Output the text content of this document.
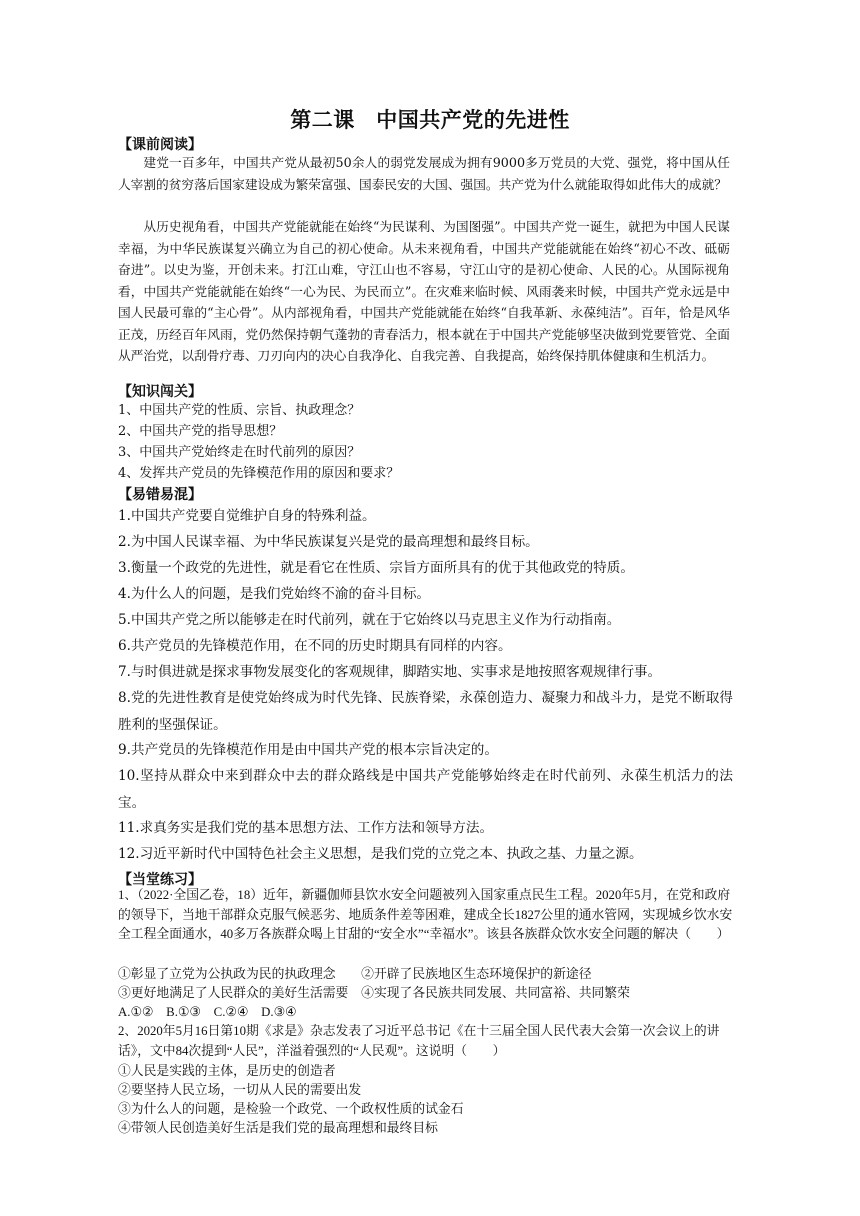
第二课　中国共产党的先进性
【课前阅读】
建党一百多年，中国共产党从最初50余人的弱党发展成为拥有9000多万党员的大党、强党，将中国从任人宰割的贫穷落后国家建设成为繁荣富强、国泰民安的大国、强国。共产党为什么就能取得如此伟大的成就？
从历史视角看，中国共产党能就能在始终“为民谋利、为国图强”。中国共产党一诞生，就把为中国人民谋幸福，为中华民族谋复兴确立为自己的初心使命。从未来视角看，中国共产党能就能在始终“初心不改、砥砺奋进”。以史为鉴，开创未来。打江山难，守江山也不容易，守江山守的是初心使命、人民的心。从国际视角看，中国共产党能就能在始终“一心为民、为民而立”。在灾难来临时候、风雨袭来时候，中国共产党永远是中国人民最可靠的“主心骨”。从内部视角看，中国共产党能就能在始终“自我革新、永葆纯洁”。百年，恰是风华正茂，历经百年风雨，党仍然保持朝气蓬勃的青春活力，根本就在于中国共产党能够坚决做到党要管党、全面从严治党，以刮骨疗毒、刀刃向内的决心自我净化、自我完善、自我提高，始终保持肌体健康和生机活力。
【知识闯关】
1、中国共产党的性质、宗旨、执政理念？
2、中国共产党的指导思想？
3、中国共产党始终走在时代前列的原因？
4、发挥共产党员的先锋模范作用的原因和要求？
【易错易混】
1.中国共产党要自觉维护自身的特殊利益。
2.为中国人民谋幸福、为中华民族谋复兴是党的最高理想和最终目标。
3.衡量一个政党的先进性，就是看它在性质、宗旨方面所具有的优于其他政党的特质。
4.为什么人的问题，是我们党始终不渝的奋斗目标。
5.中国共产党之所以能够走在时代前列，就在于它始终以马克思主义作为行动指南。
6.共产党员的先锋模范作用，在不同的历史时期具有同样的内容。
7.与时俱进就是探求事物发展变化的客观规律，脚踏实地、实事求是地按照客观规律行事。
8.党的先进性教育是使党始终成为时代先锋、民族脊梁，永葆创造力、凝聚力和战斗力，是党不断取得胜利的坚强保证。
9.共产党员的先锋模范作用是由中国共产党的根本宗旨决定的。
10.坚持从群众中来到群众中去的群众路线是中国共产党能够始终走在时代前列、永葆生机活力的法宝。
11.求真务实是我们党的基本思想方法、工作方法和领导方法。
12.习近平新时代中国特色社会主义思想，是我们党的立党之本、执政之基、力量之源。
【当堂练习】
1、（2022·全国乙卷，18）近年，新疆伽师县饮水安全问题被列入国家重点民生工程。2020年5月，在党和政府的领导下，当地干部群众克服气候恶劣、地质条件差等困难，建成全长1827公里的通水管网，实现城乡饮水安全工程全面通水，40多万各族群众喝上甘甜的“安全水”“幸福水”。该县各族群众饮水安全问题的解决（　　）
①彰显了立党为公执政为民的执政理念　　②开辟了民族地区生态环境保护的新途径
③更好地满足了人民群众的美好生活需要　④实现了各民族共同发展、共同富裕、共同繁荣
A.①②　B.①③　C.②④　D.③④
2、2020年5月16日第10期《求是》杂志发表了习近平总书记《在十三届全国人民代表大会第一次会议上的讲话》，文中84次提到“人民”，洋溢着强烈的“人民观”。这说明（　　）
①人民是实践的主体，是历史的创造者
②要坚持人民立场，一切从人民的需要出发
③为什么人的问题，是检验一个政党、一个政权性质的试金石
④带领人民创造美好生活是我们党的最高理想和最终目标
